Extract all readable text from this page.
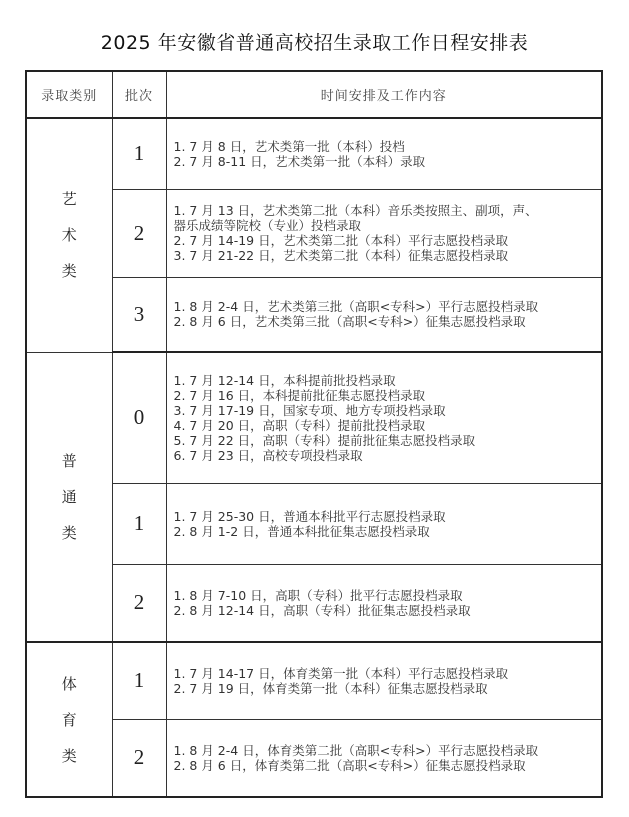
2025 年安徽省普通高校招生录取工作日程安排表
录取类别	批次	时间安排及工作内容

艺
术
类
	1	1. 7 月 8 日，艺术类第一批（本科）投档
2. 7 月 8-11 日，艺术类第一批（本科）录取

	2	1. 7 月 13 日，艺术类第二批（本科）音乐类按照主、副项，声、
器乐成绩等院校（专业）投档录取
2. 7 月 14-19 日，艺术类第二批（本科）平行志愿投档录取
3. 7 月 21-22 日，艺术类第二批（本科）征集志愿投档录取

	3	1. 8 月 2-4 日，艺术类第三批（高职<专科>）平行志愿投档录取
2. 8 月 6 日，艺术类第三批（高职<专科>）征集志愿投档录取

普
通
类
	0	
1. 7 月 12-14 日，本科提前批投档录取
2. 7 月 16 日，本科提前批征集志愿投档录取
3. 7 月 17-19 日，国家专项、地方专项投档录取
4. 7 月 20 日，高职（专科）提前批投档录取
5. 7 月 22 日，高职（专科）提前批征集志愿投档录取
6. 7 月 23 日，高校专项投档录取

	1	1. 7 月 25-30 日，普通本科批平行志愿投档录取
2. 8 月 1-2 日，普通本科批征集志愿投档录取

	2	1. 8 月 7-10 日，高职（专科）批平行志愿投档录取
2. 8 月 12-14 日，高职（专科）批征集志愿投档录取

体
育
类
	1	1. 7 月 14-17 日，体育类第一批（本科）平行志愿投档录取
2. 7 月 19 日，体育类第一批（本科）征集志愿投档录取

	2	1. 8 月 2-4 日，体育类第二批（高职<专科>）平行志愿投档录取
2. 8 月 6 日，体育类第二批（高职<专科>）征集志愿投档录取
